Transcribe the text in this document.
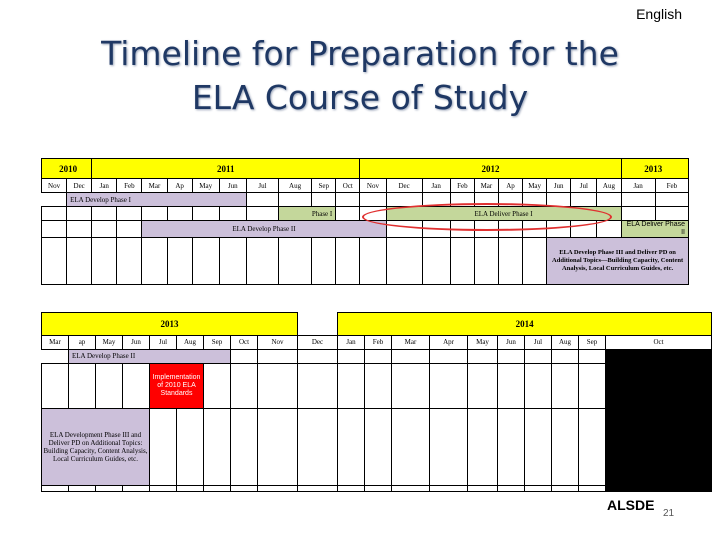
English
Timeline for Preparation for the
ELA Course of Study
2010		2011										2012										2013	
Nov	Dec	Jan	Feb	Mar	Ap	May	Jun	Jul	Aug	Sep	Oct	Nov	Dec	Jan	Feb	Mar	Ap	May	Jun	Jul	Aug	Jan	Feb
	ELA Develop Phase I																						
									Phase I				ELA Deliver Phase I										
				ELA Develop Phase II																		ELA Deliver Phase II	
																			ELA Develop Phase III and Deliver PD on Additional Topics—Building Capacity, Content Analysis, Local Curriculum Guides, etc.				
2013										2014									
Mar	ap	May	Jun	Jul	Aug	Sep	Oct	Nov	Dec	Jan	Feb	Mar	Apr	May	Jun	Jul	Aug	Sep	Oct
	ELA Develop Phase II																		
				Implementation of 2010 ELA Standards															
ELA Development Phase III and Deliver PD on Additional Topics: Building Capacity, Content Analysis, Local Curriculum Guides, etc.																			

ALSDE
21
